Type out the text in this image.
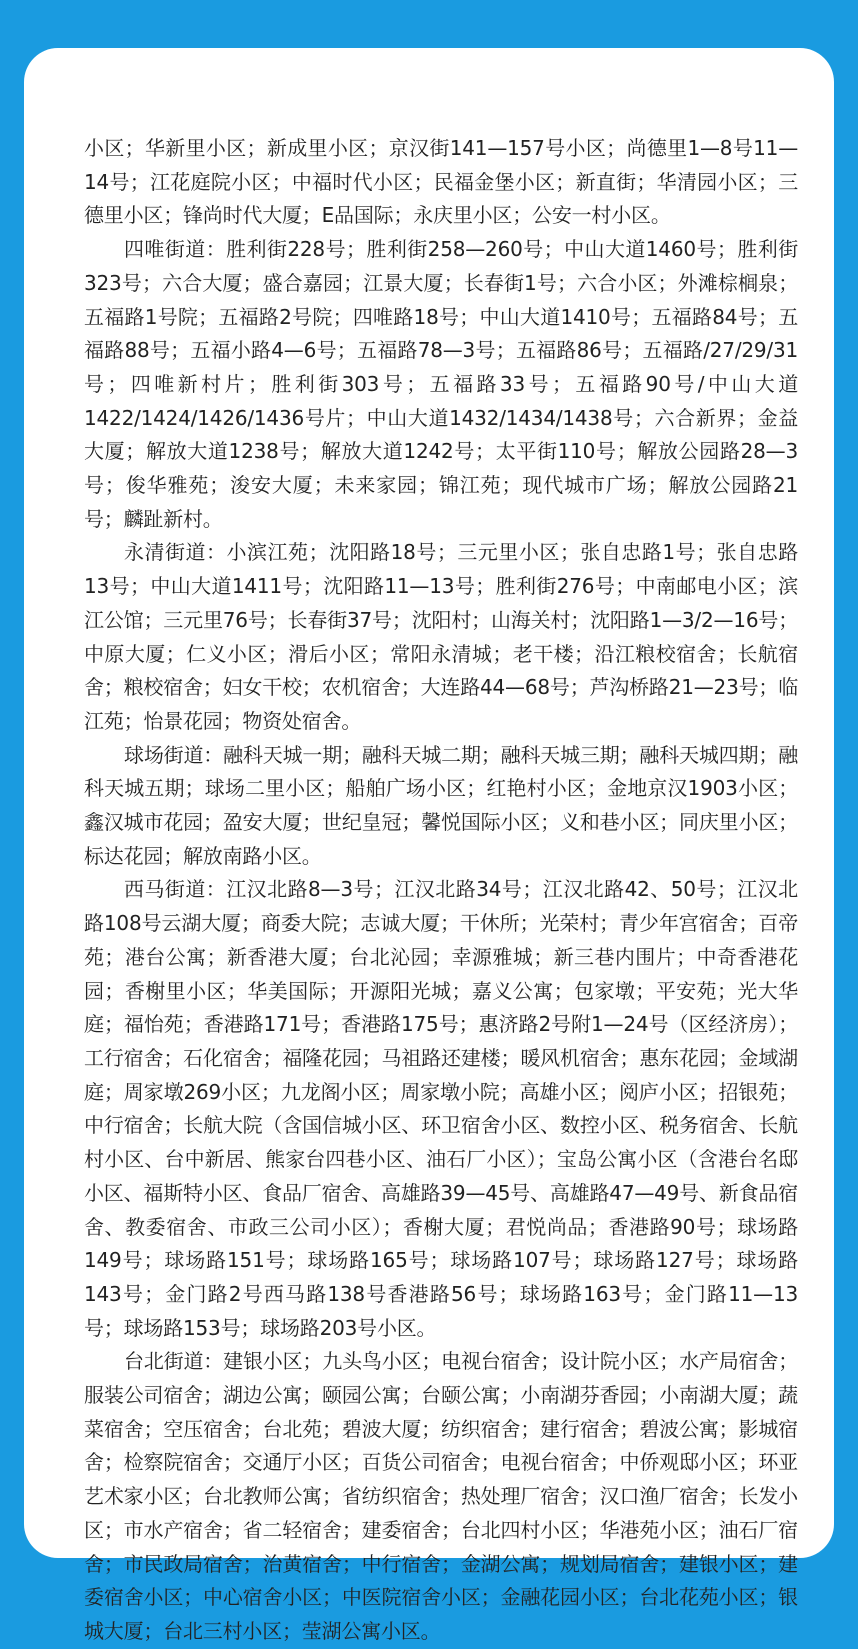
小区；华新里小区；新成里小区；京汉街141—157号小区；尚德里1—8号11—14号；江花庭院小区；中福时代小区；民福金堡小区；新直街；华清园小区；三德里小区；锋尚时代大厦；E品国际；永庆里小区；公安一村小区。

四唯街道：胜利街228号；胜利街258—260号；中山大道1460号；胜利街323号；六合大厦；盛合嘉园；江景大厦；长春街1号；六合小区；外滩棕榈泉；五福路1号院；五福路2号院；四唯路18号；中山大道1410号；五福路84号；五福路88号；五福小路4—6号；五福路78—3号；五福路86号；五福路/27/29/31号；四唯新村片；胜利街303号；五福路33号；五福路90号/中山大道1422/1424/1426/1436号片；中山大道1432/1434/1438号；六合新界；金益大厦；解放大道1238号；解放大道1242号；太平街110号；解放公园路28—3号；俊华雅苑；浚安大厦；未来家园；锦江苑；现代城市广场；解放公园路21号；麟趾新村。

永清街道：小滨江苑；沈阳路18号；三元里小区；张自忠路1号；张自忠路13号；中山大道1411号；沈阳路11—13号；胜利街276号；中南邮电小区；滨江公馆；三元里76号；长春街37号；沈阳村；山海关村；沈阳路1—3/2—16号；中原大厦；仁义小区；滑后小区；常阳永清城；老干楼；沿江粮校宿舍；长航宿舍；粮校宿舍；妇女干校；农机宿舍；大连路44—68号；芦沟桥路21—23号；临江苑；怡景花园；物资处宿舍。

球场街道：融科天城一期；融科天城二期；融科天城三期；融科天城四期；融科天城五期；球场二里小区；船舶广场小区；红艳村小区；金地京汉1903小区；鑫汉城市花园；盈安大厦；世纪皇冠；馨悦国际小区；义和巷小区；同庆里小区；标达花园；解放南路小区。

西马街道：江汉北路8—3号；江汉北路34号；江汉北路42、50号；江汉北路108号云湖大厦；商委大院；志诚大厦；干休所；光荣村；青少年宫宿舍；百帝苑；港台公寓；新香港大厦；台北沁园；幸源雅城；新三巷内围片；中奇香港花园；香榭里小区；华美国际；开源阳光城；嘉义公寓；包家墩；平安苑；光大华庭；福怡苑；香港路171号；香港路175号；惠济路2号附1—24号（区经济房）；工行宿舍；石化宿舍；福隆花园；马祖路还建楼；暖风机宿舍；惠东花园；金域湖庭；周家墩269小区；九龙阁小区；周家墩小院；高雄小区；阅庐小区；招银苑；中行宿舍；长航大院（含国信城小区、环卫宿舍小区、数控小区、税务宿舍、长航村小区、台中新居、熊家台四巷小区、油石厂小区）；宝岛公寓小区（含港台名邸小区、福斯特小区、食品厂宿舍、高雄路39—45号、高雄路47—49号、新食品宿舍、教委宿舍、市政三公司小区）；香榭大厦；君悦尚品；香港路90号；球场路149号；球场路151号；球场路165号；球场路107号；球场路127号；球场路143号；金门路2号西马路138号香港路56号；球场路163号；金门路11—13号；球场路153号；球场路203号小区。

台北街道：建银小区；九头鸟小区；电视台宿舍；设计院小区；水产局宿舍；服装公司宿舍；湖边公寓；颐园公寓；台颐公寓；小南湖芬香园；小南湖大厦；蔬菜宿舍；空压宿舍；台北苑；碧波大厦；纺织宿舍；建行宿舍；碧波公寓；影城宿舍；检察院宿舍；交通厅小区；百货公司宿舍；电视台宿舍；中侨观邸小区；环亚艺术家小区；台北教师公寓；省纺织宿舍；热处理厂宿舍；汉口渔厂宿舍；长发小区；市水产宿舍；省二轻宿舍；建委宿舍；台北四村小区；华港苑小区；油石厂宿舍；市民政局宿舍；治黄宿舍；中行宿舍；金湖公寓；规划局宿舍；建银小区；建委宿舍小区；中心宿舍小区；中医院宿舍小区；金融花园小区；台北花苑小区；银城大厦；台北三村小区；莹湖公寓小区。
